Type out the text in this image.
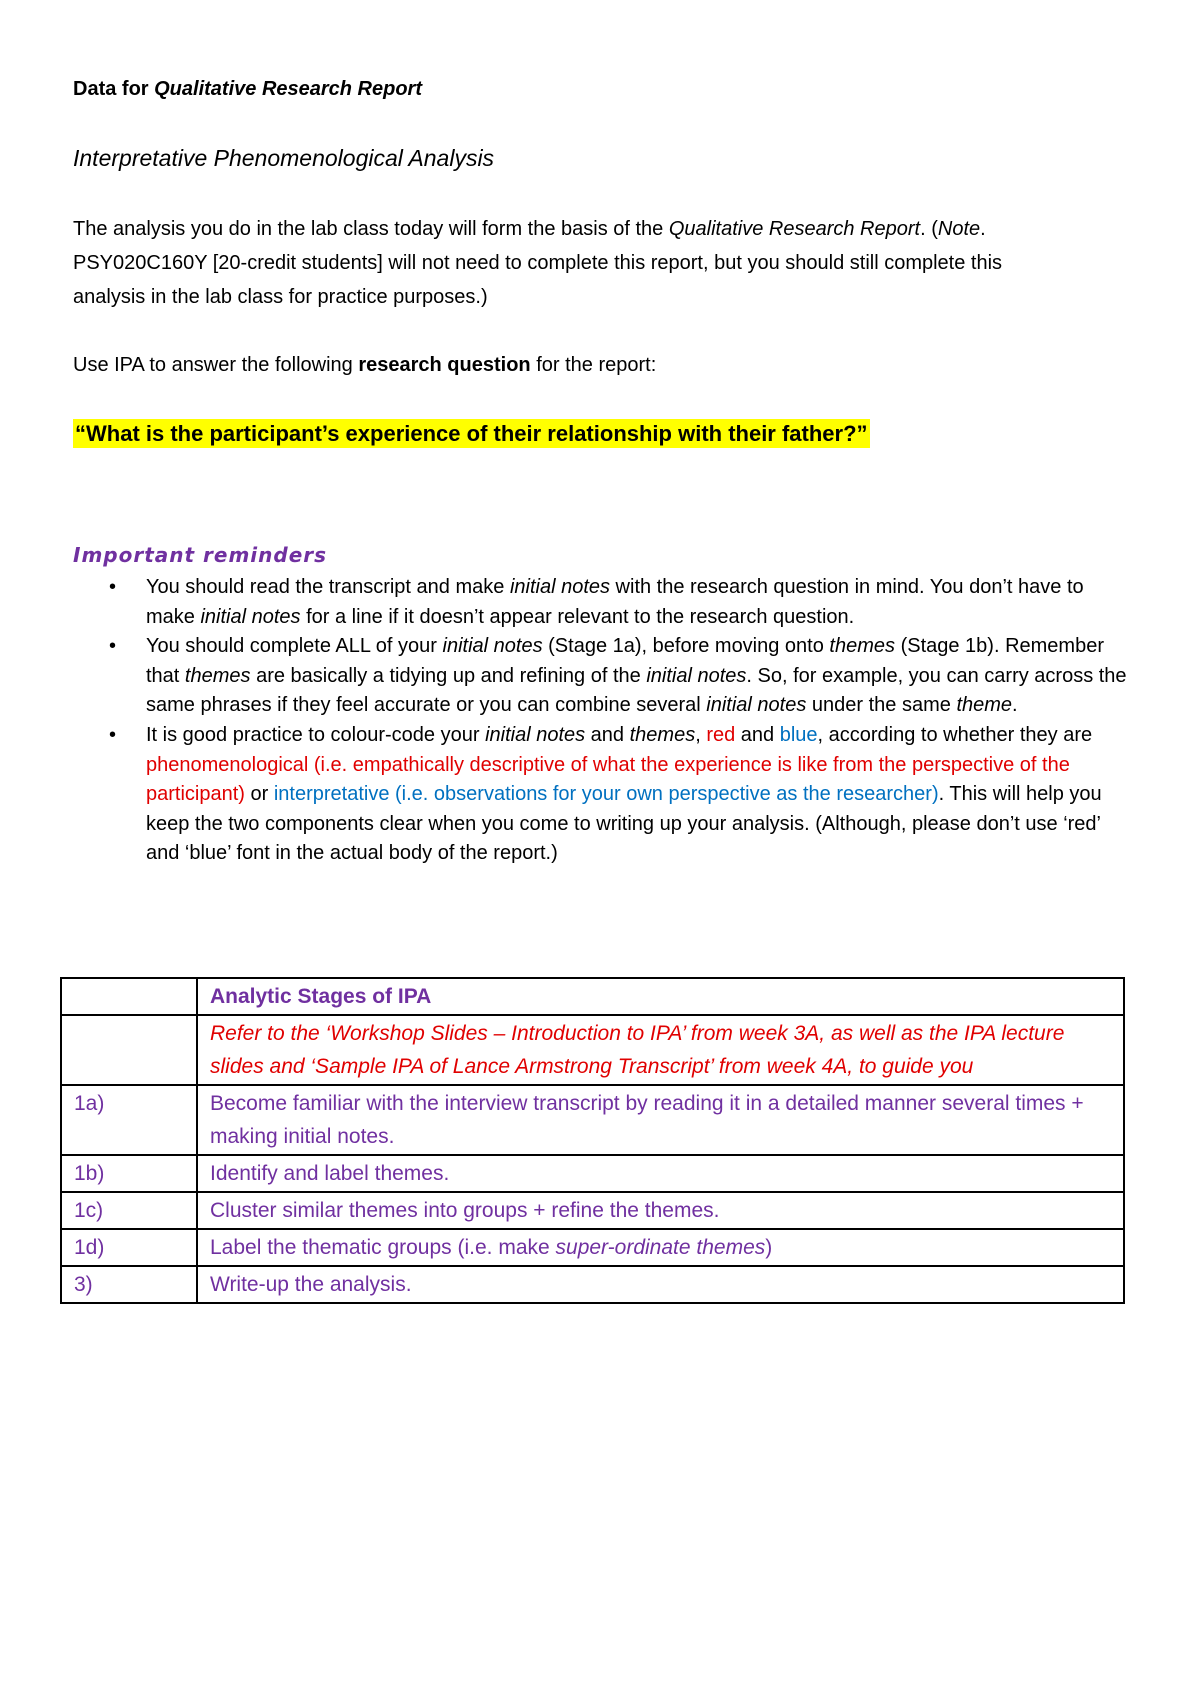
Data for Qualitative Research Report
Interpretative Phenomenological Analysis

The analysis you do in the lab class today will form the basis of the Qualitative Research Report. (Note.

PSY020C160Y [20-credit students] will not need to complete this report, but you should still complete this

analysis in the lab class for practice purposes.)

Use IPA to answer the following research question for the report:
“What is the participant’s experience of their relationship with their father?”
Important reminders
• You should read the transcript and make initial notes with the research question in mind. You don’t have to make initial notes for a line if it doesn’t appear relevant to the research question.
• You should complete ALL of your initial notes (Stage 1a), before moving onto themes (Stage 1b). Remember that themes are basically a tidying up and refining of the initial notes. So, for example, you can carry across the same phrases if they feel accurate or you can combine several initial notes under the same theme.
• It is good practice to colour-code your initial notes and themes, red and blue, according to whether they are phenomenological (i.e. empathically descriptive of what the experience is like from the perspective of the participant) or interpretative (i.e. observations for your own perspective as the researcher). This will help you keep the two components clear when you come to writing up your analysis. (Although, please don’t use ‘red’ and ‘blue’ font in the actual body of the report.)
	Analytic Stages of IPA
	Refer to the ‘Workshop Slides – Introduction to IPA’ from week 3A, as well as the IPA lecture slides and ‘Sample IPA of Lance Armstrong Transcript’ from week 4A, to guide you
1a)	Become familiar with the interview transcript by reading it in a detailed manner several times + making initial notes.
1b)	Identify and label themes.
1c)	Cluster similar themes into groups + refine the themes.
1d)	Label the thematic groups (i.e. make super-ordinate themes)
3)	Write-up the analysis.
